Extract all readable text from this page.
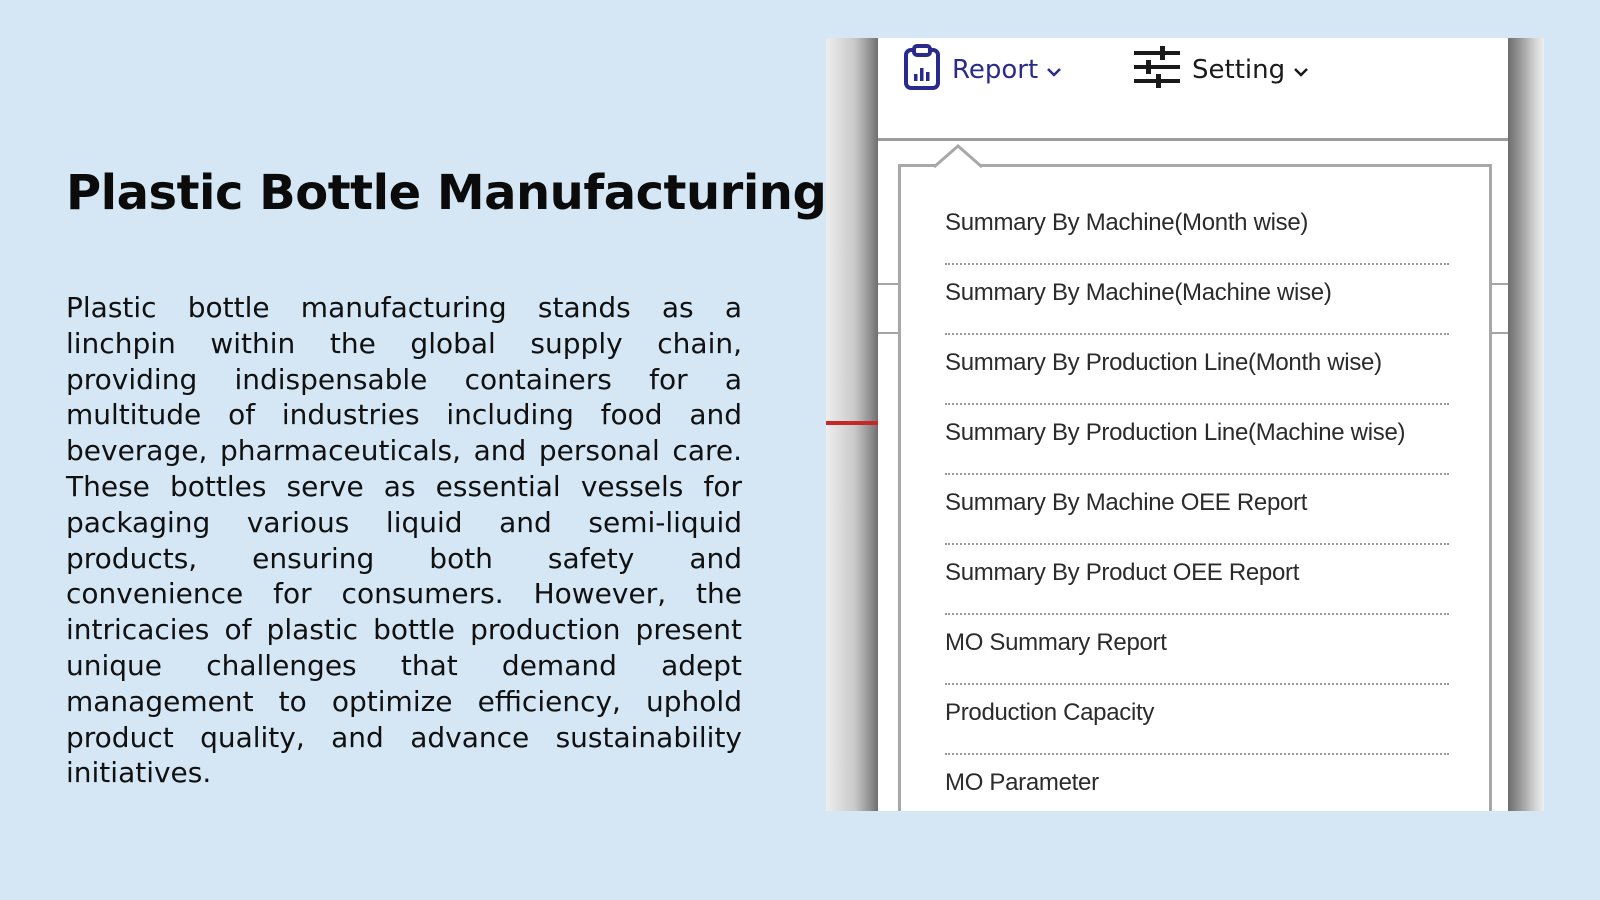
Plastic Bottle Manufacturing

Plastic bottle manufacturing stands as a linchpin within the global supply chain, providing indispensable containers for a multitude of industries including food and beverage, pharmaceuticals, and personal care. These bottles serve as essential vessels for packaging various liquid and semi-liquid products, ensuring both safety and convenience for consumers. However, the intricacies of plastic bottle production present unique challenges that demand adept management to optimize efficiency, uphold product quality, and advance sustainability initiatives.

Report	Setting
Summary By Machine(Month wise)
Summary By Machine(Machine wise)
Summary By Production Line(Month wise)
Summary By Production Line(Machine wise)
Summary By Machine OEE Report
Summary By Product OEE Report
MO Summary Report
Production Capacity
MO Parameter
